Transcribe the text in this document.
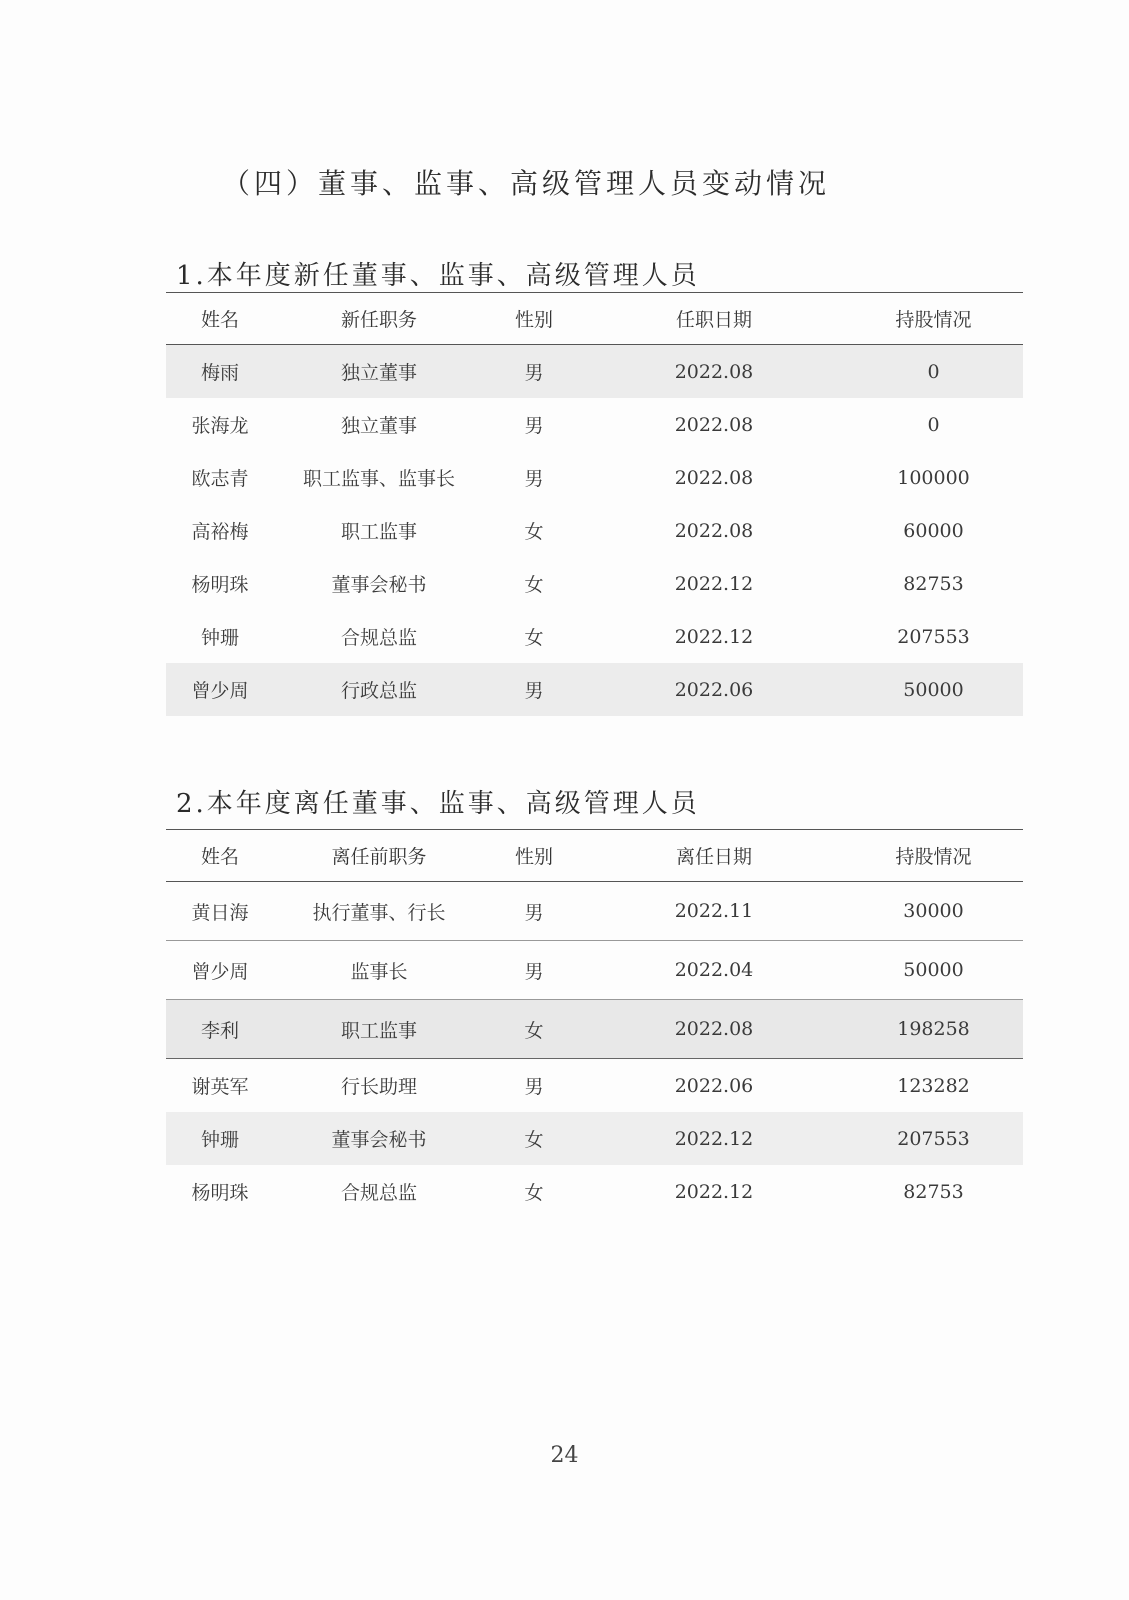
（四）董事、监事、高级管理人员变动情况
1.本年度新任董事、监事、高级管理人员
姓名	新任职务	性别	任职日期	持股情况
梅雨	独立董事	男	2022.08	0
张海龙	独立董事	男	2022.08	0
欧志青	职工监事、监事长	男	2022.08	100000
高裕梅	职工监事	女	2022.08	60000
杨明珠	董事会秘书	女	2022.12	82753
钟珊	合规总监	女	2022.12	207553
曾少周	行政总监	男	2022.06	50000
2.本年度离任董事、监事、高级管理人员
姓名	离任前职务	性别	离任日期	持股情况
黄日海	执行董事、行长	男	2022.11	30000
曾少周	监事长	男	2022.04	50000
李利	职工监事	女	2022.08	198258
谢英军	行长助理	男	2022.06	123282
钟珊	董事会秘书	女	2022.12	207553
杨明珠	合规总监	女	2022.12	82753
24
